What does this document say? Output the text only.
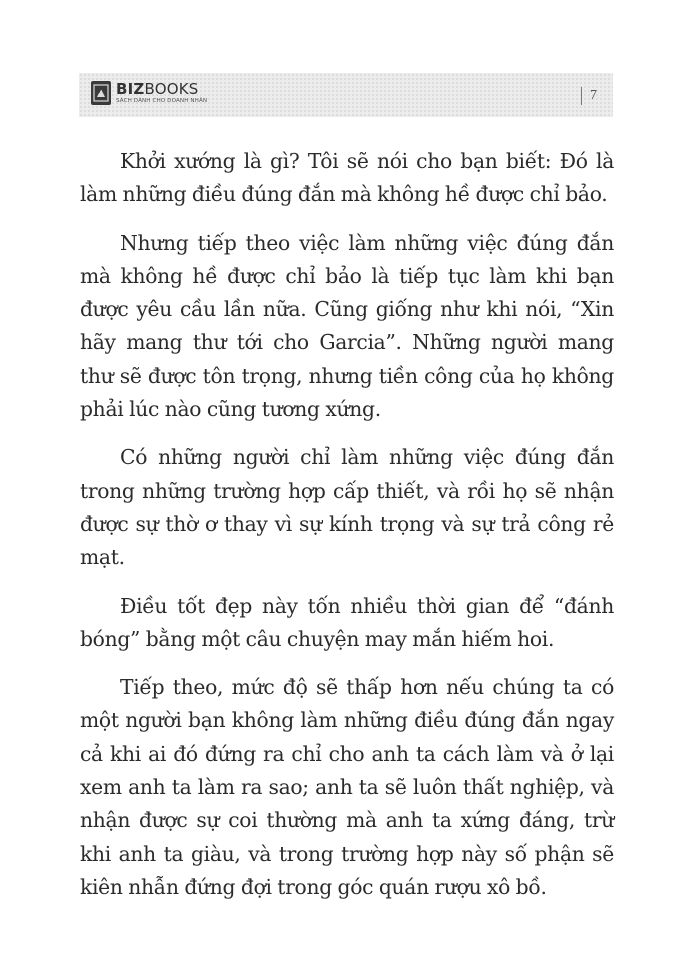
BIZBOOKS
SÁCH DÀNH CHO DOANH NHÂN	7

Khởi xướng là gì? Tôi sẽ nói cho bạn biết: Đó là làm những điều đúng đắn mà không hề được chỉ bảo.

Nhưng tiếp theo việc làm những việc đúng đắn mà không hề được chỉ bảo là tiếp tục làm khi bạn được yêu cầu lần nữa. Cũng giống như khi nói, “Xin hãy mang thư tới cho Garcia”. Những người mang thư sẽ được tôn trọng, nhưng tiền công của họ không phải lúc nào cũng tương xứng.

Có những người chỉ làm những việc đúng đắn trong những trường hợp cấp thiết, và rồi họ sẽ nhận được sự thờ ơ thay vì sự kính trọng và sự trả công rẻ mạt.

Điều tốt đẹp này tốn nhiều thời gian để “đánh bóng” bằng một câu chuyện may mắn hiếm hoi.

Tiếp theo, mức độ sẽ thấp hơn nếu chúng ta có một người bạn không làm những điều đúng đắn ngay cả khi ai đó đứng ra chỉ cho anh ta cách làm và ở lại xem anh ta làm ra sao; anh ta sẽ luôn thất nghiệp, và nhận được sự coi thường mà anh ta xứng đáng, trừ khi anh ta giàu, và trong trường hợp này số phận sẽ kiên nhẫn đứng đợi trong góc quán rượu xô bồ.
